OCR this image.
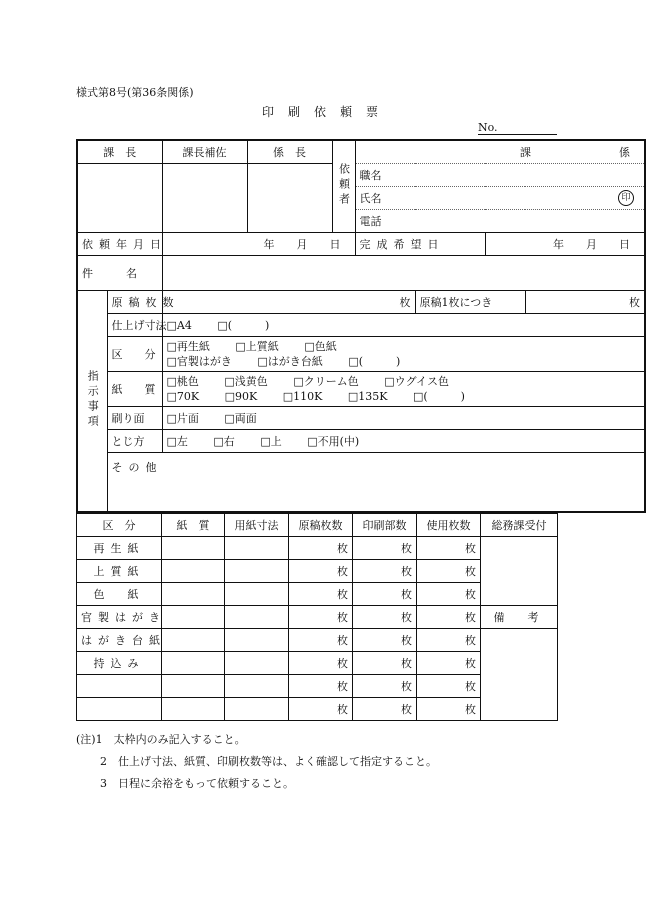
様式第8号(第36条関係)
印刷依頼票
No.
課　長		課長補佐	係　長	依頼者	課　　　　　　　　係			
					職名			
					氏名 印			

					電話			
依頼年月日		年　　月　　日			完成希望日		年　　月　　日	
件　　　名								
指示事項	原稿枚数	枚				原稿1枚につき		枚
	仕上げ寸法	□A4 □(　　　)						
	区　　分	□再生紙 □上質紙 □色紙
□官製はがき □はがき台紙 □(　　　)						

	紙　　質	□桃色 □浅黄色 □クリーム色 □ウグイス色
□70K □90K □110K □135K □(　　　)						

	刷り面	□片面 □両面						
	とじ方	□左 □右 □上 □不用(中)						
	その他							
区　分	紙　質	用紙寸法	原稿枚数	印刷部数	使用枚数	総務課受付
再生紙			枚	枚	枚	
上質紙			枚	枚	枚	
色　紙			枚	枚	枚	
官製はがき			枚	枚	枚	備　考
はがき台紙			枚	枚	枚	
持込み			枚	枚	枚	
			枚	枚	枚	
			枚	枚	枚	
(注)1　太枠内のみ記入すること。
2　仕上げ寸法、紙質、印刷枚数等は、よく確認して指定すること。
3　日程に余裕をもって依頼すること。
